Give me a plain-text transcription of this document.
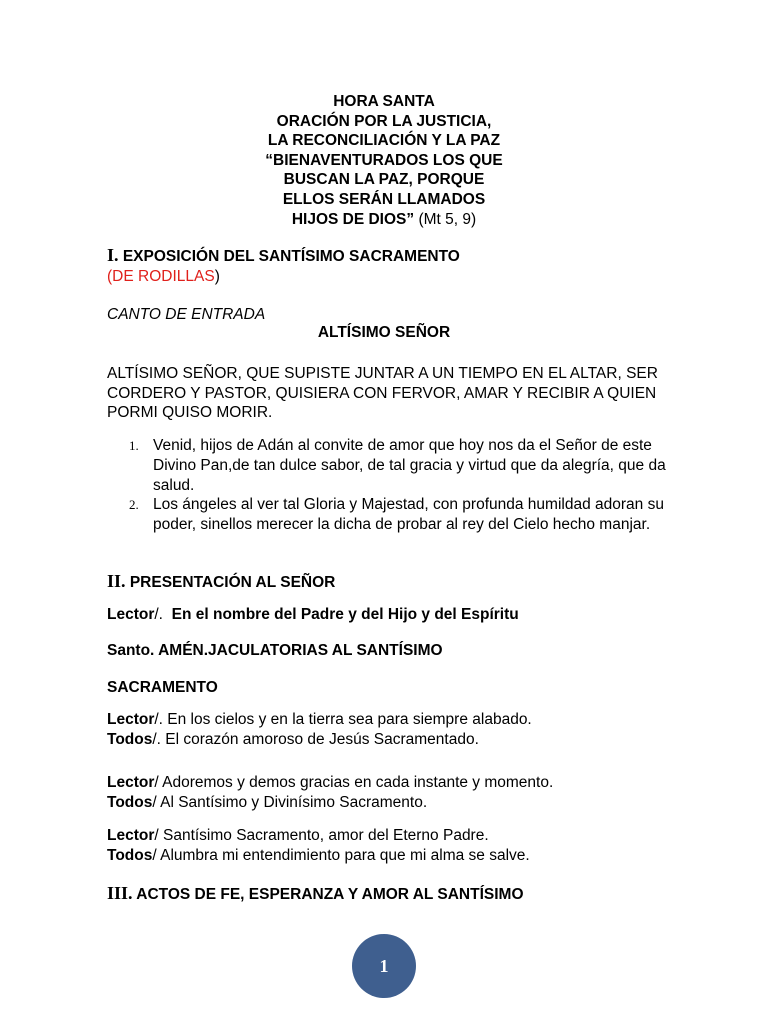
HORA SANTA
ORACIÓN POR LA JUSTICIA,
LA RECONCILIACIÓN Y LA PAZ
“BIENAVENTURADOS LOS QUE
BUSCAN LA PAZ, PORQUE
ELLOS SERÁN LLAMADOS
HIJOS DE DIOS” (Mt 5, 9)
I. EXPOSICIÓN DEL SANTÍSIMO SACRAMENTO
(DE RODILLAS)
CANTO DE ENTRADA
ALTÍSIMO SEÑOR
ALTÍSIMO SEÑOR, QUE SUPISTE JUNTAR A UN TIEMPO EN EL ALTAR, SER CORDERO Y PASTOR, QUISIERA CON FERVOR, AMAR Y RECIBIR A QUIEN PORMI QUISO MORIR.
1. Venid, hijos de Adán al convite de amor que hoy nos da el Señor de este Divino Pan,de tan dulce sabor, de tal gracia y virtud que da alegría, que da salud.
2. Los ángeles al ver tal Gloria y Majestad, con profunda humildad adoran su poder, sinellos merecer la dicha de probar al rey del Cielo hecho manjar.
II. PRESENTACIÓN AL SEÑOR
Lector/. En el nombre del Padre y del Hijo y del Espíritu
Santo. AMÉN.JACULATORIAS AL SANTÍSIMO
SACRAMENTO
Lector/. En los cielos y en la tierra sea para siempre alabado.
Todos/. El corazón amoroso de Jesús Sacramentado.
Lector/ Adoremos y demos gracias en cada instante y momento.
Todos/ Al Santísimo y Divinísimo Sacramento.
Lector/ Santísimo Sacramento, amor del Eterno Padre.
Todos/ Alumbra mi entendimiento para que mi alma se salve.
III. ACTOS DE FE, ESPERANZA Y AMOR AL SANTÍSIMO
1
